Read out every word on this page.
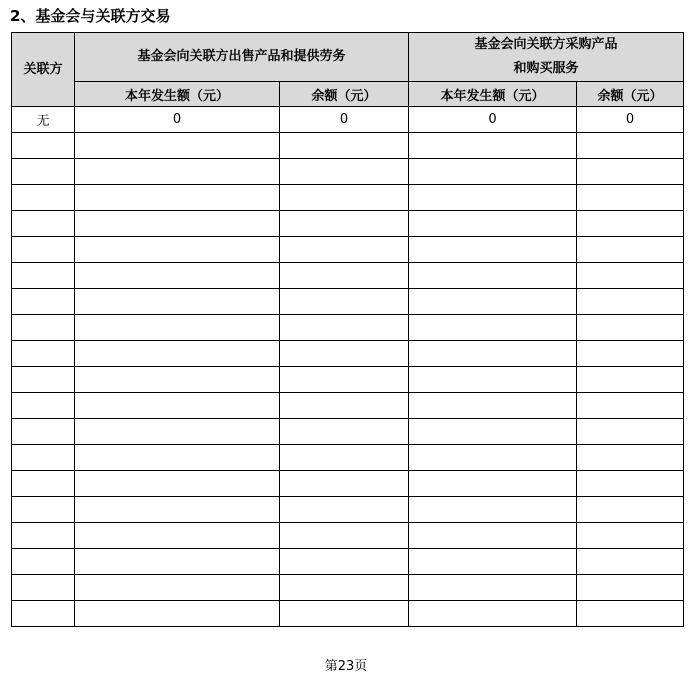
2、基金会与关联方交易
关联方	基金会向关联方出售产品和提供劳务		基金会向关联方采购产品
和购买服务	
	本年发生额（元）	余额（元）	本年发生额（元）	余额（元）
无	0	0	0	0

第23页
